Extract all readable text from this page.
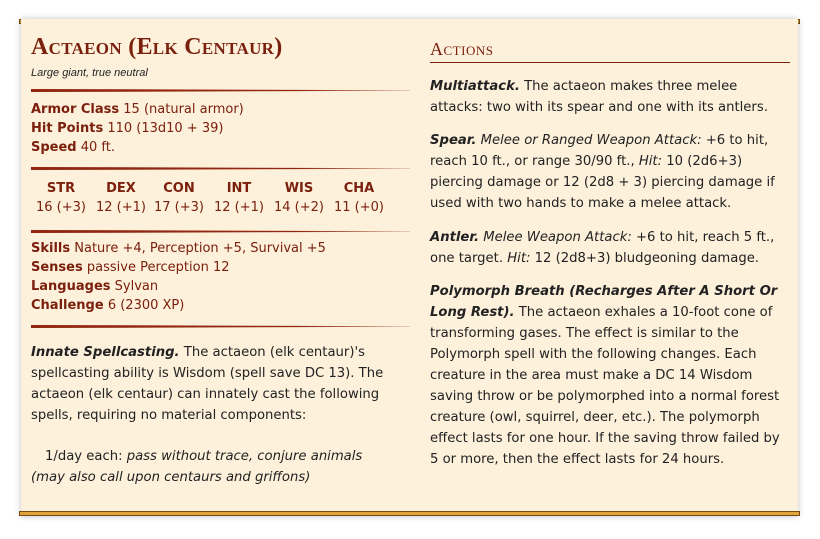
Actaeon (Elk Centaur)
Large giant, true neutral
Armor Class 15 (natural armor)
Hit Points 110 (13d10 + 39)
Speed 40 ft.
STR
16 (+3)
DEX
12 (+1)
CON
17 (+3)
INT
12 (+1)
WIS
14 (+2)
CHA
11 (+0)
Skills Nature +4, Perception +5, Survival +5
Senses passive Perception 12
Languages Sylvan
Challenge 6 (2300 XP)
Innate Spellcasting. The actaeon (elk centaur)'s spellcasting ability is Wisdom (spell save DC 13). The actaeon (elk centaur) can innately cast the following spells, requiring no material components:
1/day each: pass without trace, conjure animals (may also call upon centaurs and griffons)
Actions
Multiattack. The actaeon makes three melee attacks: two with its spear and one with its antlers.
Spear. Melee or Ranged Weapon Attack: +6 to hit, reach 10 ft., or range 30/90 ft., Hit: 10 (2d6+3) piercing damage or 12 (2d8 + 3) piercing damage if used with two hands to make a melee attack.
Antler. Melee Weapon Attack: +6 to hit, reach 5 ft., one target. Hit: 12 (2d8+3) bludgeoning damage.
Polymorph Breath (Recharges After A Short Or Long Rest). The actaeon exhales a 10-foot cone of transforming gases. The effect is similar to the Polymorph spell with the following changes. Each creature in the area must make a DC 14 Wisdom saving throw or be polymorphed into a normal forest creature (owl, squirrel, deer, etc.). The polymorph effect lasts for one hour. If the saving throw failed by 5 or more, then the effect lasts for 24 hours.
